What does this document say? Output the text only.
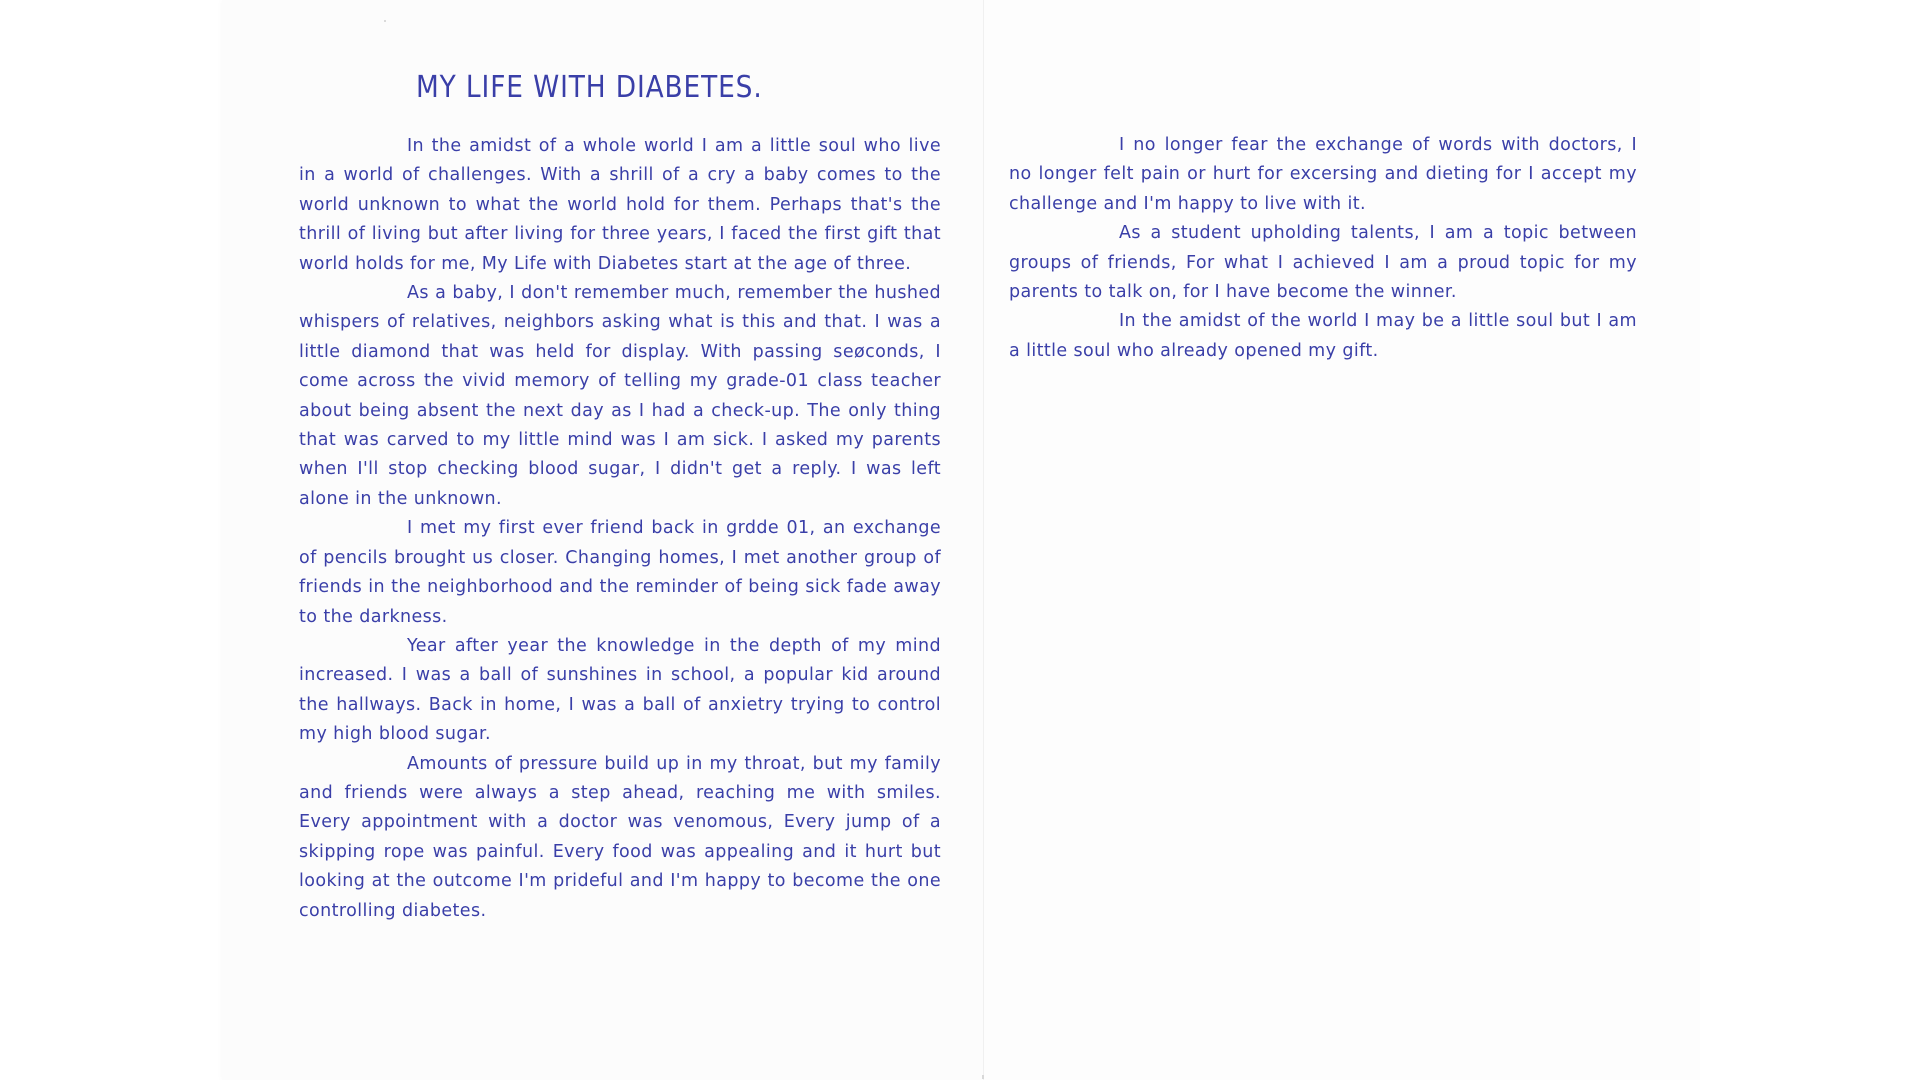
MY LIFE WITH DIABETES.

In the amidst of a whole world I am a little soul who live in a world of challenges. With a shrill of a cry a baby comes to the world unknown to what the world hold for them. Perhaps that's the thrill of living but after living for three years, I faced the first gift that world holds for me, My Life with Diabetes start at the age of three.

As a baby, I don't remember much, remember the hushed whispers of relatives, neighbors asking what is this and that. I was a little diamond that was held for display. With passing seøconds, I come across the vivid memory of telling my grade-01 class teacher about being absent the next day as I had a check-up. The only thing that was carved to my little mind was I am sick. I asked my parents when I'll stop checking blood sugar, I didn't get a reply. I was left alone in the unknown.

I met my first ever friend back in grdde 01, an exchange of pencils brought us closer. Changing homes, I met another group of friends in the neighborhood and the reminder of being sick fade away to the darkness.

Year after year the knowledge in the depth of my mind increased. I was a ball of sunshines in school, a popular kid around the hallways. Back in home, I was a ball of anxietry trying to control my high blood sugar.

Amounts of pressure build up in my throat, but my family and friends were always a step ahead, reaching me with smiles. Every appointment with a doctor was venomous, Every jump of a skipping rope was painful. Every food was appealing and it hurt but looking at the outcome I'm prideful and I'm happy to become the one controlling diabetes.

I no longer fear the exchange of words with doctors, I no longer felt pain or hurt for excersing and dieting for I accept my challenge and I'm happy to live with it.

As a student upholding talents, I am a topic between groups of friends, For what I achieved I am a proud topic for my parents to talk on, for I have become the winner.

In the amidst of the world I may be a little soul but I am a little soul who already opened my gift.
